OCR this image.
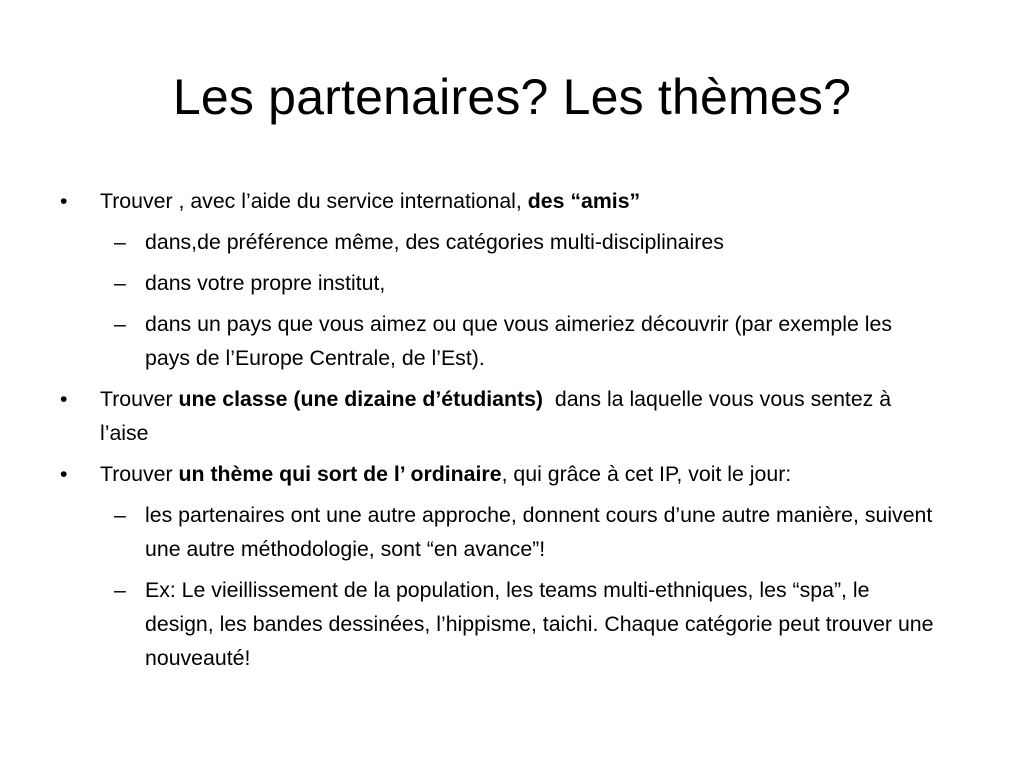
Les partenaires? Les thèmes?
• Trouver , avec l’aide du service international, des “amis”
– dans,de préférence même, des catégories multi-disciplinaires
– dans votre propre institut,
– dans un pays que vous aimez ou que vous aimeriez découvrir (par exemple les pays de l’Europe Centrale, de l’Est).
• Trouver une classe (une dizaine d’étudiants)  dans la laquelle vous vous sentez à l’aise
• Trouver un thème qui sort de l’ ordinaire, qui grâce à cet IP, voit le jour:
– les partenaires ont une autre approche, donnent cours d’une autre manière, suivent une autre méthodologie, sont “en avance”!
– Ex: Le vieillissement de la population, les teams multi-ethniques, les “spa”, le design, les bandes dessinées, l’hippisme, taichi. Chaque catégorie peut trouver une nouveauté!
